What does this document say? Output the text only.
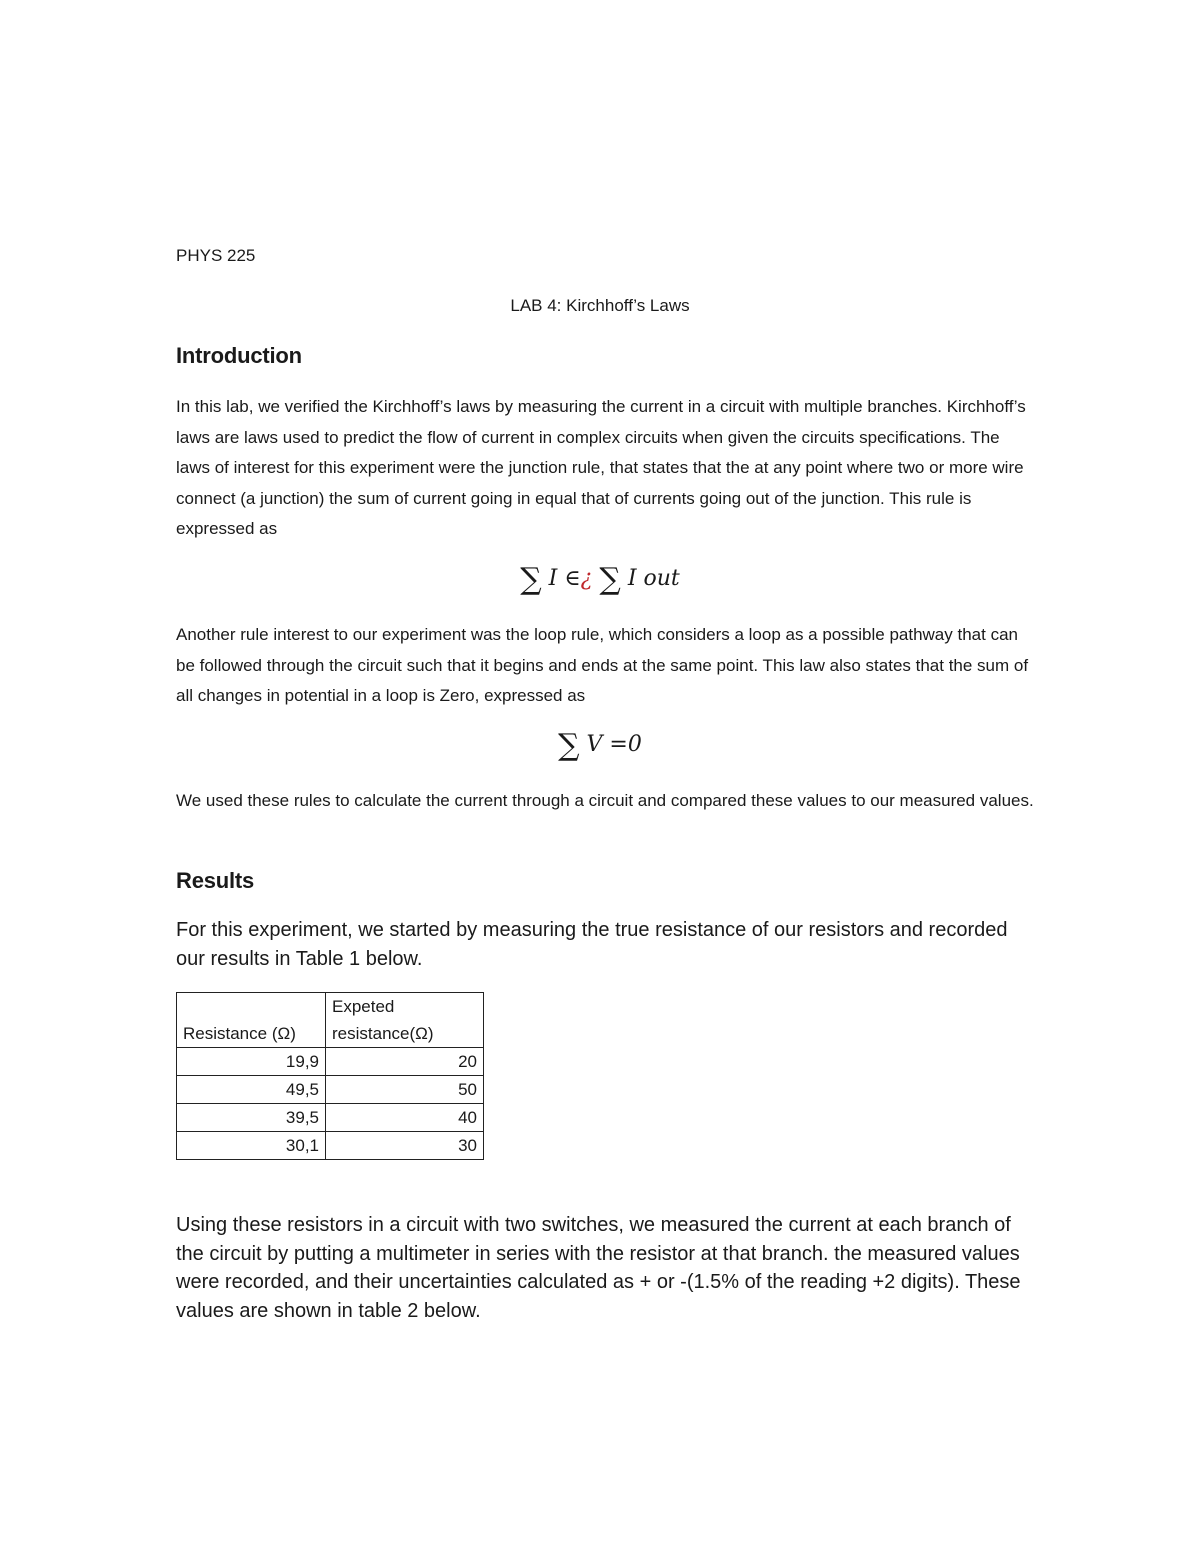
PHYS 225

LAB 4: Kirchhoff’s Laws

Introduction

In this lab, we verified the Kirchhoff’s laws by measuring the current in a circuit with multiple branches. Kirchhoff’s laws are laws used to predict the flow of current in complex circuits when given the circuits specifications. The laws of interest for this experiment were the junction rule, that states that the at any point where two or more wire connect (a junction) the sum of current going in equal that of currents going out of the junction. This rule is expressed as

∑ I ∈¿ ∑ I out

Another rule interest to our experiment was the loop rule, which considers a loop as a possible pathway that can be followed through the circuit such that it begins and ends at the same point. This law also states that the sum of all changes in potential in a loop is Zero, expressed as

∑ V =0

We used these rules to calculate the current through a circuit and compared these values to our measured values.

Results

For this experiment, we started by measuring the true resistance of our resistors and recorded our results in Table 1 below.

Resistance (Ω)	Expeted resistance(Ω)
19,9	20
49,5	50
39,5	40
30,1	30

Using these resistors in a circuit with two switches, we measured the current at each branch of the circuit by putting a multimeter in series with the resistor at that branch. the measured values were recorded, and their uncertainties calculated as + or -(1.5% of the reading +2 digits). These values are shown in table 2 below.
